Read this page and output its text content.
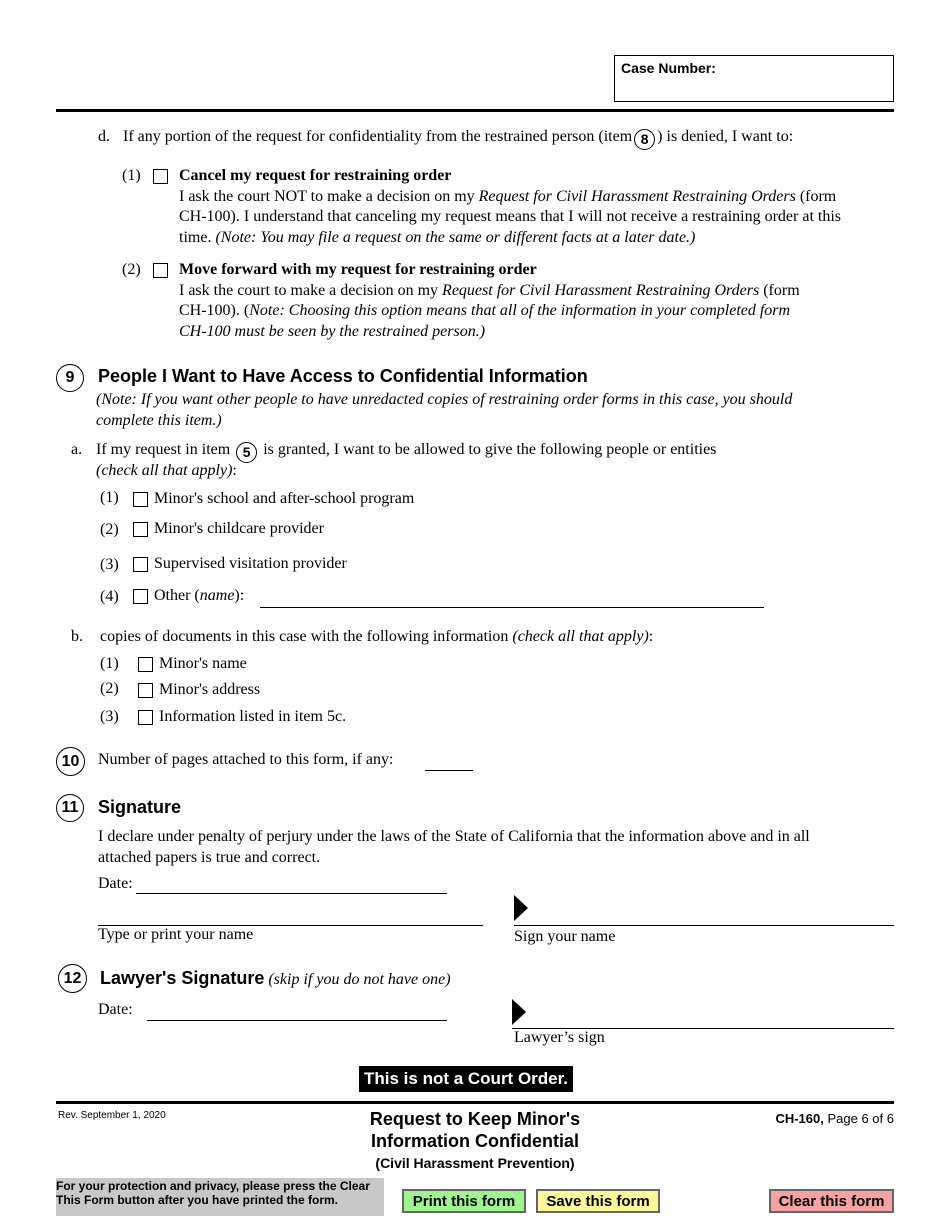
Case Number:
d. If any portion of the request for confidentiality from the restrained person (item 8 ) is denied, I want to:
(1) Cancel my request for restraining order
I ask the court NOT to make a decision on my Request for Civil Harassment Restraining Orders (form
CH-100). I understand that canceling my request means that I will not receive a restraining order at this
time. (Note: You may file a request on the same or different facts at a later date.)
(2) Move forward with my request for restraining order
I ask the court to make a decision on my Request for Civil Harassment Restraining Orders (form
CH-100). (Note: Choosing this option means that all of the information in your completed form
CH-100 must be seen by the restrained person.)
9	People I Want to Have Access to Confidential Information
(Note: If you want other people to have unredacted copies of restraining order forms in this case, you should
complete this item.)
a. If my request in item 5 is granted, I want to be allowed to give the following people or entities
(check all that apply):
(1) Minor's school and after-school program
(2) Minor's childcare provider
(3) Supervised visitation provider
(4) Other (name):
b. copies of documents in this case with the following information (check all that apply):
(1)	Minor's name
(2)	Minor's address
(3)	Information listed in item 5c.
10	Number of pages attached to this form, if any:
11	Signature
I declare under penalty of perjury under the laws of the State of California that the information above and in all
attached papers is true and correct.
Date:
Type or print your name	Sign your name
12	Lawyer's Signature (skip if you do not have one)
Date:
Lawyer’s sign
This is not a Court Order.
Rev. September 1, 2020	Request to Keep Minor's
Information Confidential
(Civil Harassment Prevention)
CH-160, Page 6 of 6
For your protection and privacy, please press the Clear
This Form button after you have printed the form.	Print this form	Save this form	Clear this form
